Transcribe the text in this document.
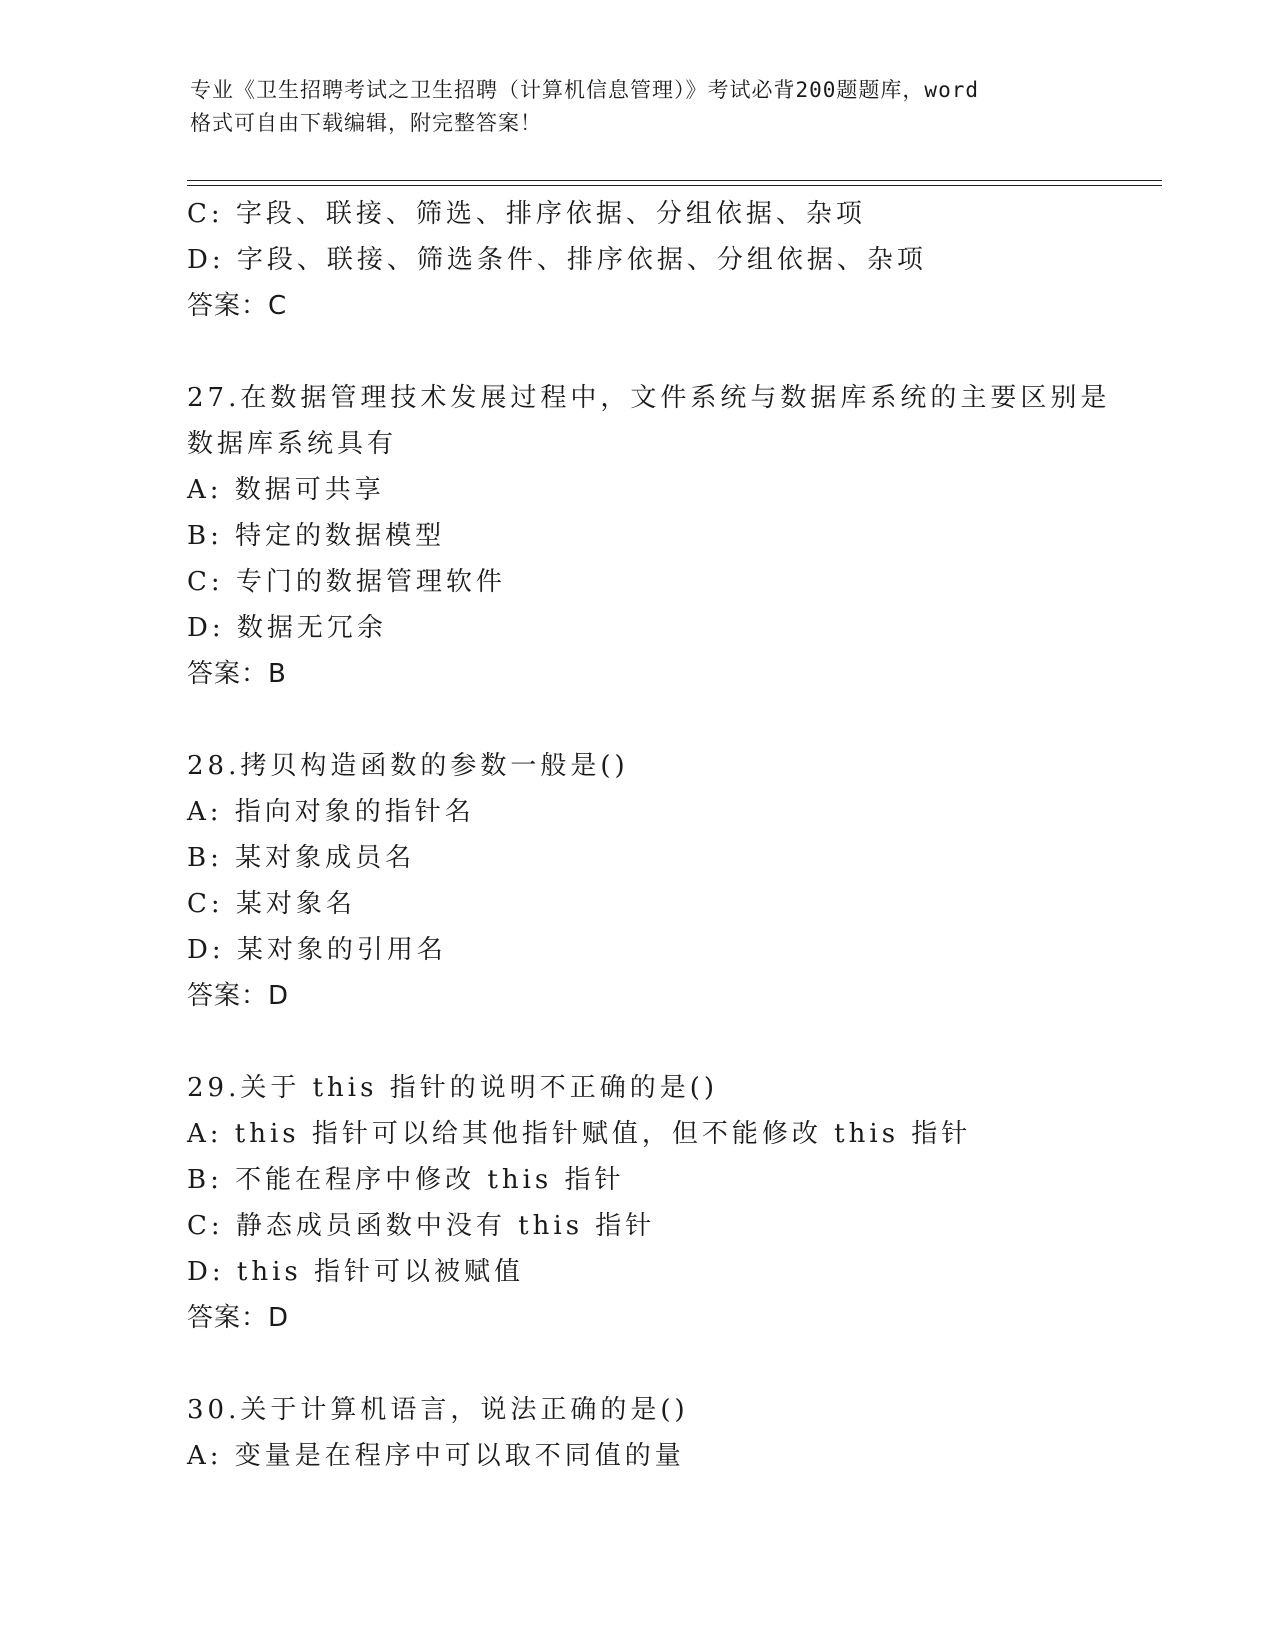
专业《卫生招聘考试之卫生招聘（计算机信息管理）》考试必背200题题库，word
格式可自由下载编辑，附完整答案！
C: 字段、联接、筛选、排序依据、分组依据、杂项
D: 字段、联接、筛选条件、排序依据、分组依据、杂项
答案：C
27.在数据管理技术发展过程中，文件系统与数据库系统的主要区别是
数据库系统具有
A: 数据可共享
B: 特定的数据模型
C: 专门的数据管理软件
D: 数据无冗余
答案：B
28.拷贝构造函数的参数一般是()
A: 指向对象的指针名
B: 某对象成员名
C: 某对象名
D: 某对象的引用名
答案：D
29.关于 this 指针的说明不正确的是()
A: this 指针可以给其他指针赋值，但不能修改 this 指针
B: 不能在程序中修改 this 指针
C: 静态成员函数中没有 this 指针
D: this 指针可以被赋值
答案：D
30.关于计算机语言，说法正确的是()
A: 变量是在程序中可以取不同值的量
